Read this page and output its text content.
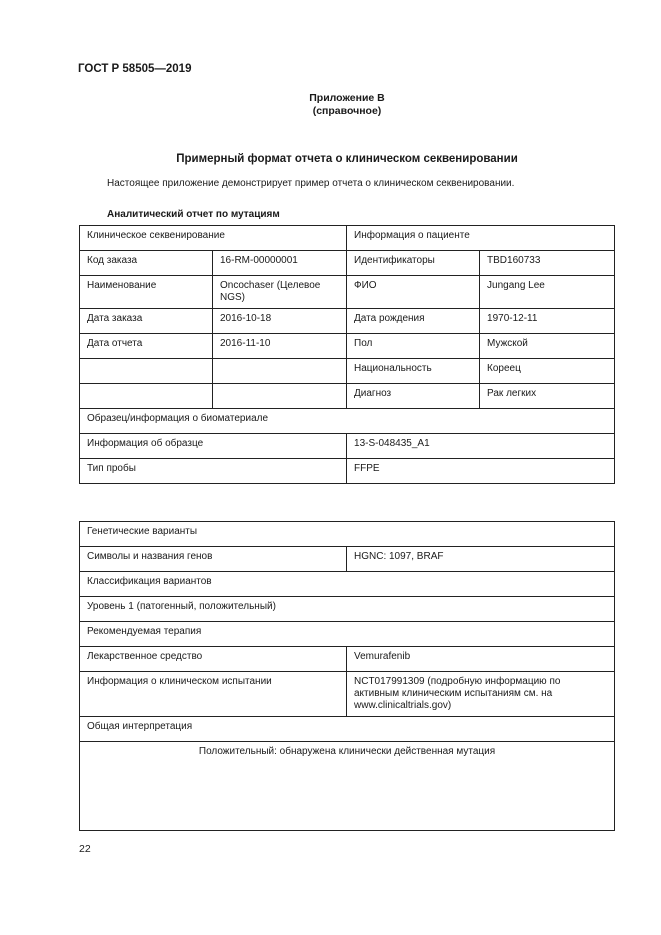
ГОСТ Р 58505—2019
Приложение В
(справочное)
Примерный формат отчета о клиническом секвенировании
Настоящее приложение демонстрирует пример отчета о клиническом секвенировании.
Аналитический отчет по мутациям
Клиническое секвенирование		Информация о пациенте	
Код заказа	16-RM-00000001	Идентификаторы	TBD160733
Наименование	Oncochaser (Целевое NGS)	ФИО	Jungang Lee
Дата заказа	2016-10-18	Дата рождения	1970-12-11
Дата отчета	2016-11-10	Пол	Мужской
		Национальность	Кореец
		Диагноз	Рак легких
Образец/информация о биоматериале			
Информация об образце		13-S-048435_A1	
Тип пробы		FFPE	
Генетические варианты	
Символы и названия генов	HGNC: 1097, BRAF
Классификация вариантов	
Уровень 1 (патогенный, положительный)	
Рекомендуемая терапия	
Лекарственное средство	Vemurafenib
Информация о клиническом испытании	NCT017991309 (подробную информацию по активным клиническим испытаниям см. на www.clinicaltrials.gov)
Общая интерпретация	
Положительный: обнаружена клинически действенная мутация	
22
